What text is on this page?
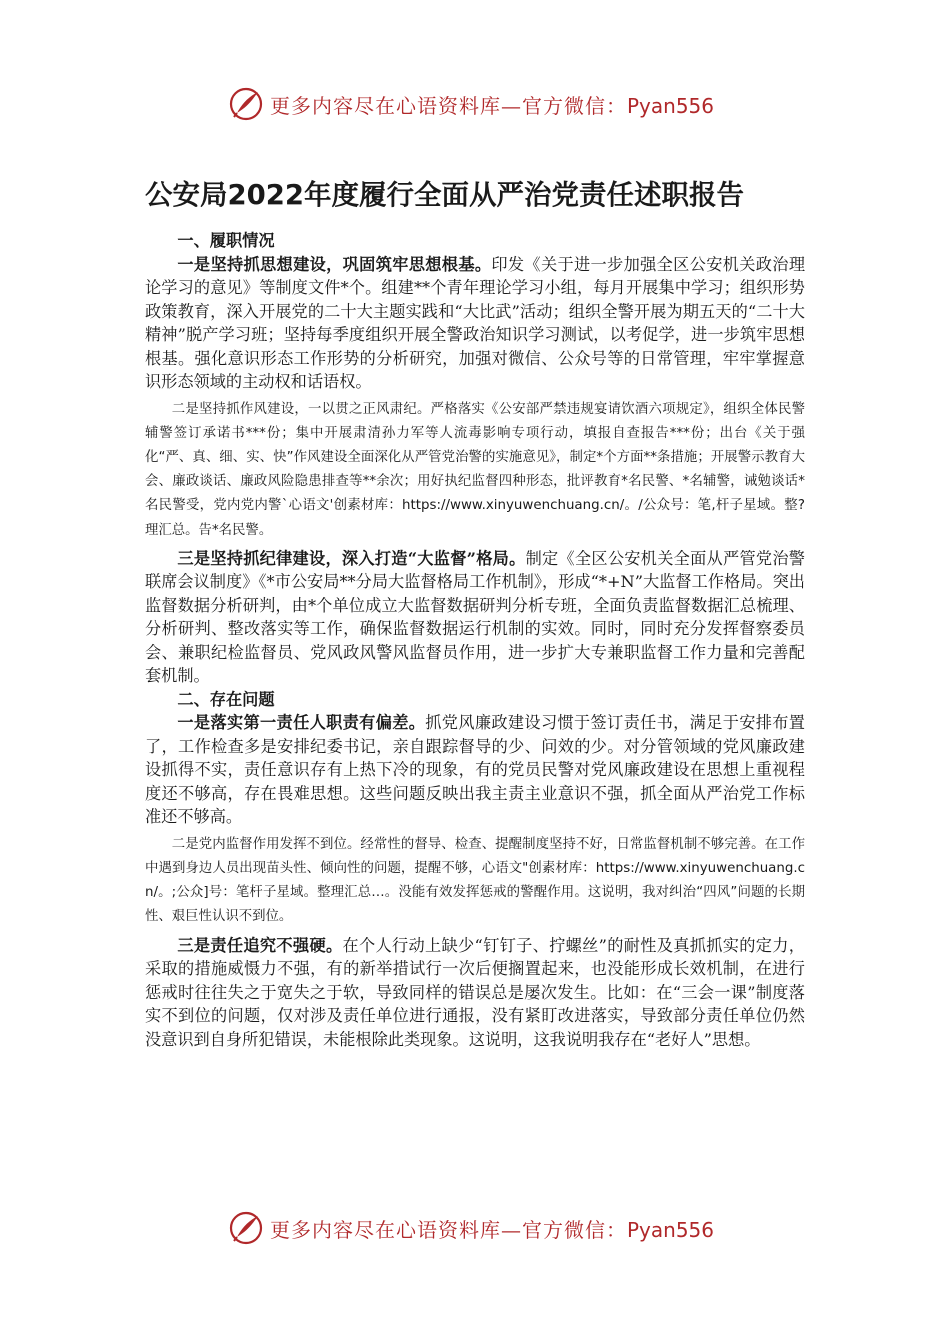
更多内容尽在心语资料库—官方微信：Pyan556
公安局2022年度履行全面从严治党责任述职报告

一、履职情况

一是坚持抓思想建设，巩固筑牢思想根基。印发《关于进一步加强全区公安机关政治理论学习的意见》等制度文件*个。组建**个青年理论学习小组，每月开展集中学习；组织形势政策教育，深入开展党的二十大主题实践和“大比武”活动；组织全警开展为期五天的“二十大精神”脱产学习班；坚持每季度组织开展全警政治知识学习测试，以考促学，进一步筑牢思想根基。强化意识形态工作形势的分析研究，加强对微信、公众号等的日常管理，牢牢掌握意识形态领域的主动权和话语权。

二是坚持抓作风建设，一以贯之正风肃纪。严格落实《公安部严禁违规宴请饮酒六项规定》，组织全体民警辅警签订承诺书***份；集中开展肃清孙力军等人流毒影响专项行动，填报自查报告***份；出台《关于强化“严、真、细、实、快”作风建设全面深化从严管党治警的实施意见》，制定*个方面**条措施；开展警示教育大会、廉政谈话、廉政风险隐患排查等**余次；用好执纪监督四种形态，批评教育*名民警、*名辅警，诫勉谈话*名民警受，党内党内警`心语文'创素材库：https://www.xinyuwenchuang.cn/。/公众号：笔,杆子星域。整?理汇总。告*名民警。

三是坚持抓纪律建设，深入打造“大监督”格局。制定《全区公安机关全面从严管党治警联席会议制度》《*市公安局**分局大监督格局工作机制》，形成“*+N”大监督工作格局。突出监督数据分析研判，由*个单位成立大监督数据研判分析专班，全面负责监督数据汇总梳理、分析研判、整改落实等工作，确保监督数据运行机制的实效。同时，同时充分发挥督察委员会、兼职纪检监督员、党风政风警风监督员作用，进一步扩大专兼职监督工作力量和完善配套机制。

二、存在问题

一是落实第一责任人职责有偏差。抓党风廉政建设习惯于签订责任书，满足于安排布置了，工作检查多是安排纪委书记，亲自跟踪督导的少、问效的少。对分管领域的党风廉政建设抓得不实，责任意识存有上热下冷的现象，有的党员民警对党风廉政建设在思想上重视程度还不够高，存在畏难思想。这些问题反映出我主责主业意识不强，抓全面从严治党工作标准还不够高。

二是党内监督作用发挥不到位。经常性的督导、检查、提醒制度坚持不好，日常监督机制不够完善。在工作中遇到身边人员出现苗头性、倾向性的问题，提醒不够，心语文"创素材库：https://www.xinyuwenchuang.cn/。;公众]号：笔杆子星域。整理汇总…。没能有效发挥惩戒的警醒作用。这说明，我对纠治“四风”问题的长期性、艰巨性认识不到位。

三是责任追究不强硬。在个人行动上缺少“钉钉子、拧螺丝”的耐性及真抓抓实的定力，采取的措施威慑力不强，有的新举措试行一次后便搁置起来，也没能形成长效机制，在进行惩戒时往往失之于宽失之于软，导致同样的错误总是屡次发生。比如：在“三会一课”制度落实不到位的问题，仅对涉及责任单位进行通报，没有紧盯改进落实，导致部分责任单位仍然没意识到自身所犯错误，未能根除此类现象。这说明，这我说明我存在“老好人”思想。

更多内容尽在心语资料库—官方微信：Pyan556
